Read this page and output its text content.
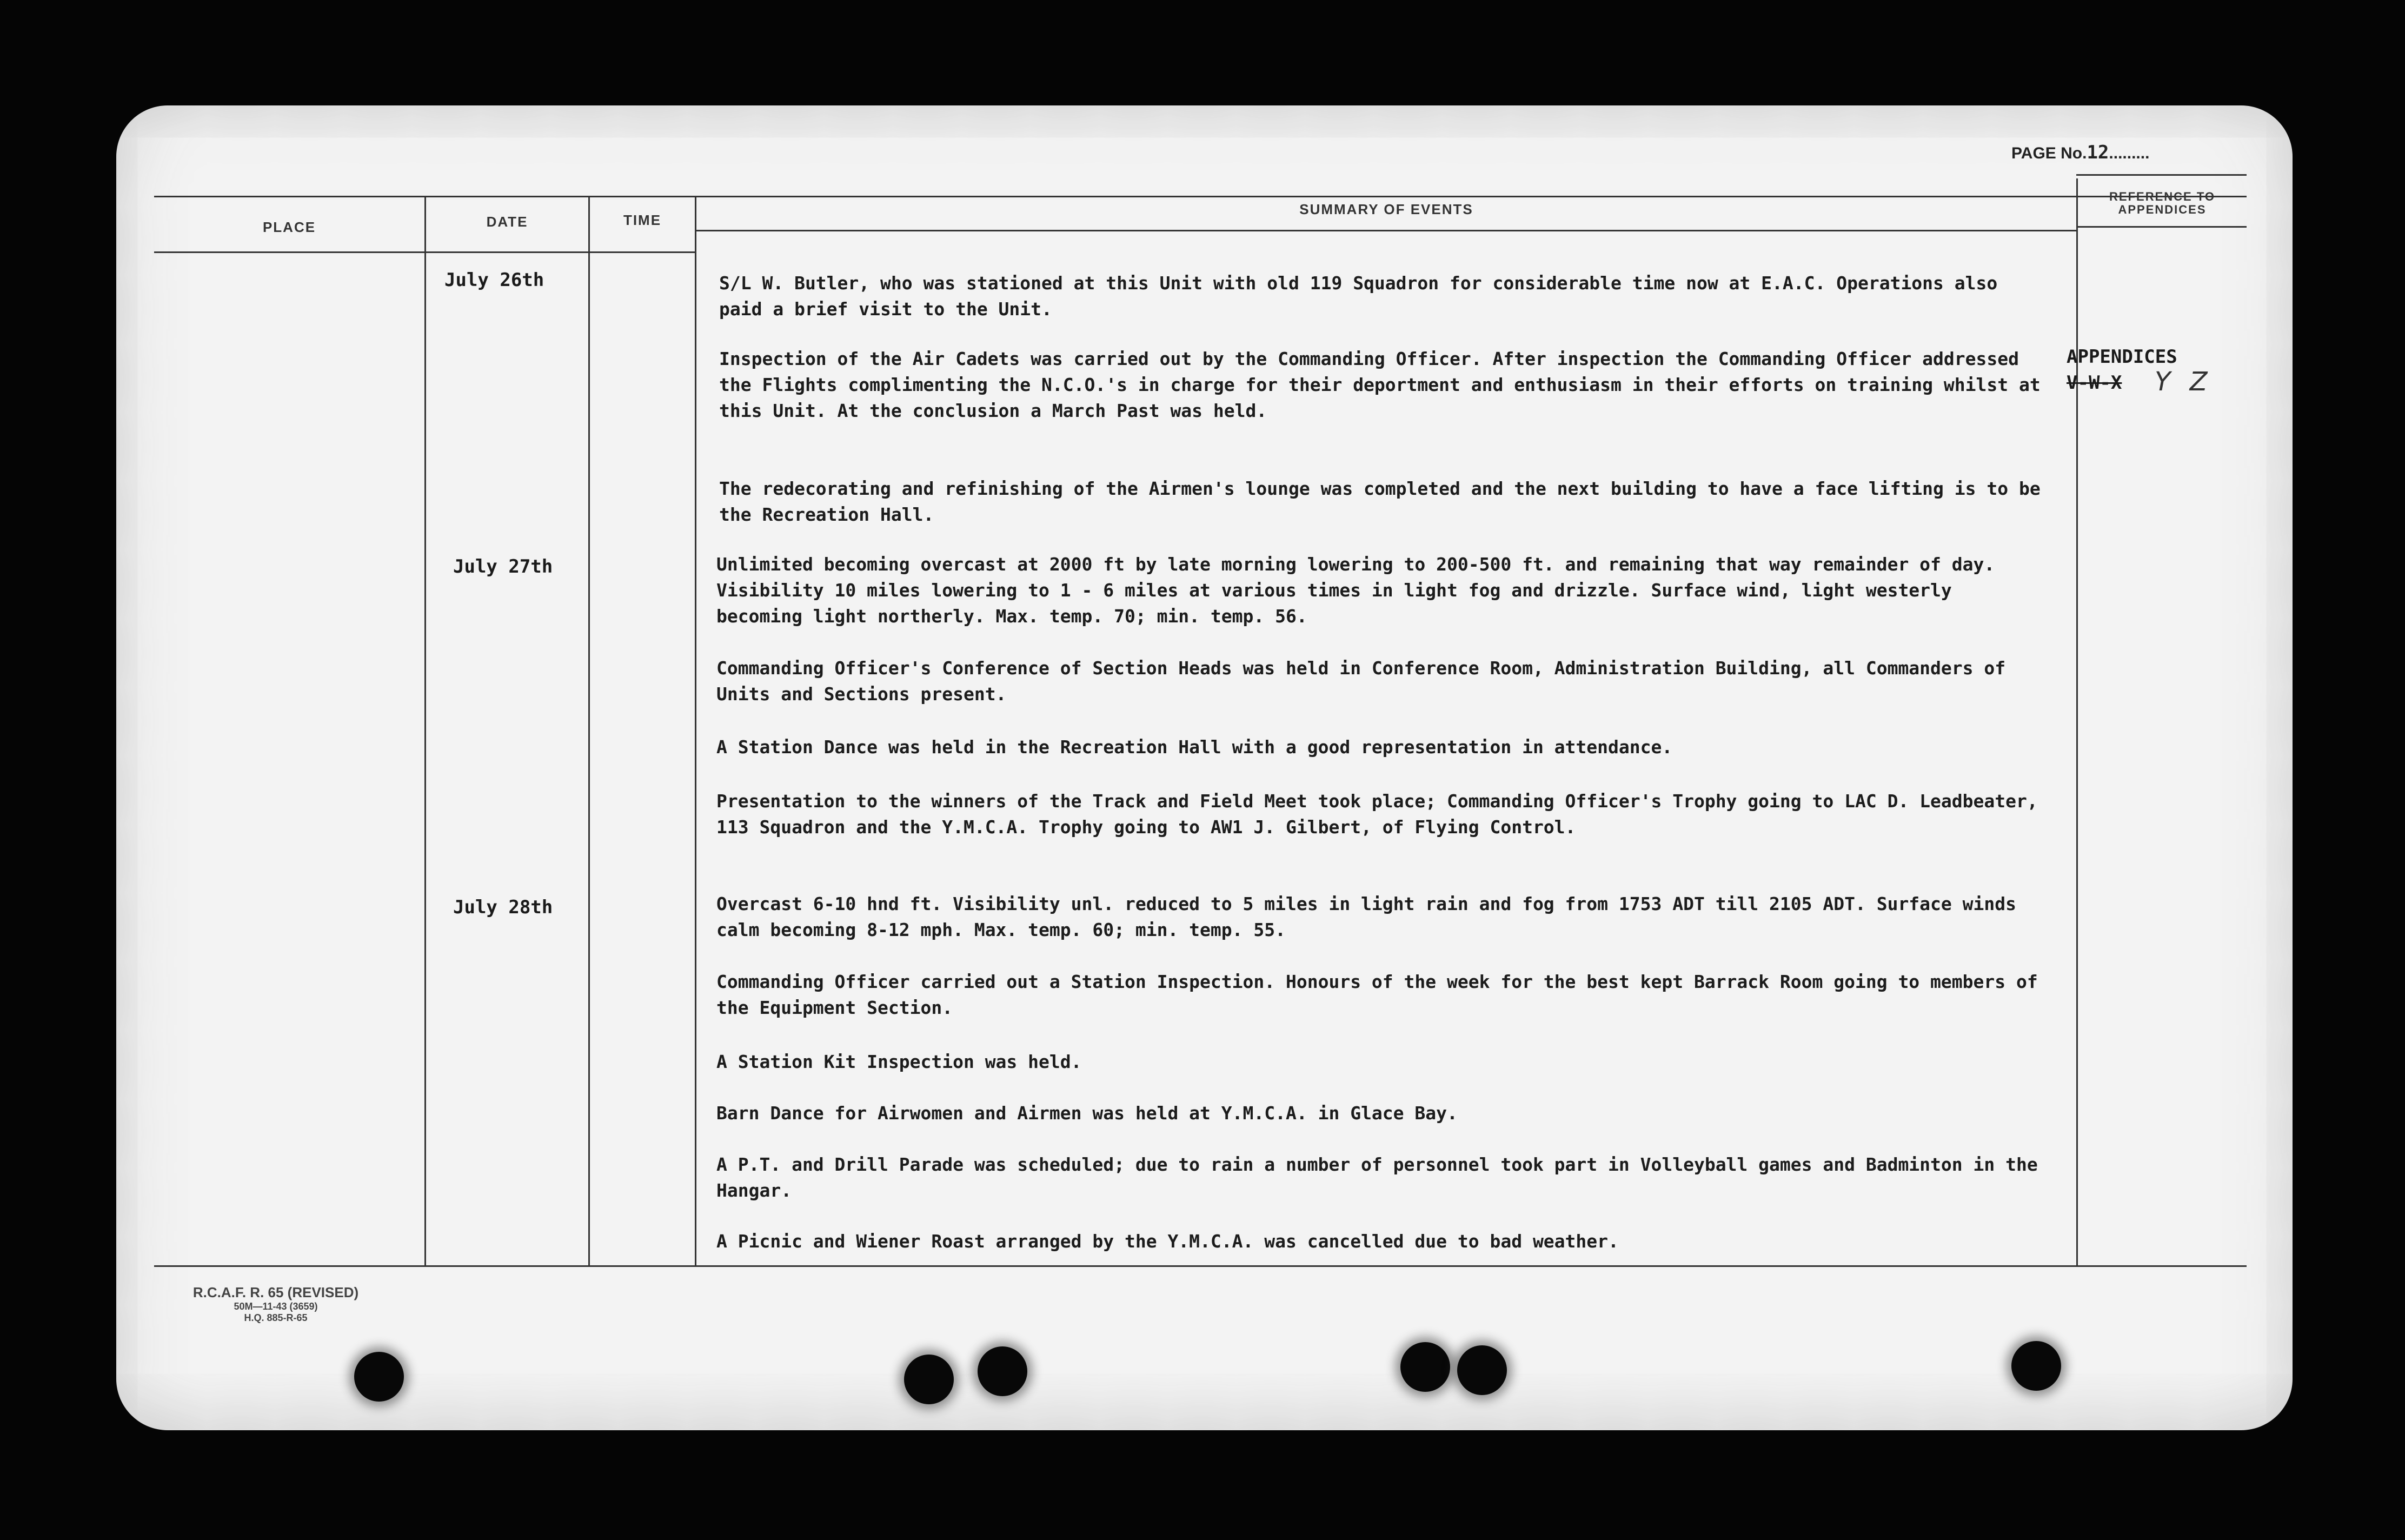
PAGE No.12.........
PLACE	DATE	TIME
SUMMARY OF EVENTS
REFERENCE TO
APPENDICES
July 26th
July 27th
July 28th
S/L W. Butler, who was stationed at this Unit with old 119 Squadron for considerable time now at E.A.C. Operations also paid a brief visit to the Unit.
Inspection of the Air Cadets was carried out by the Commanding Officer. After inspection the Commanding Officer addressed the Flights complimenting the N.C.O.'s in charge for their deportment and enthusiasm in their efforts on training whilst at this Unit. At the conclusion a March Past was held.
The redecorating and refinishing of the Airmen's lounge was completed and the next building to have a face lifting is to be the Recreation Hall.
Unlimited becoming overcast at 2000 ft by late morning lowering to 200-500 ft. and remaining that way remainder of day. Visibility 10 miles lowering to 1 - 6 miles at various times in light fog and drizzle. Surface wind, light westerly becoming light northerly. Max. temp. 70; min. temp. 56.
Commanding Officer's Conference of Section Heads was held in Conference Room, Administration Building, all Commanders of Units and Sections present.
A Station Dance was held in the Recreation Hall with a good representation in attendance.
Presentation to the winners of the Track and Field Meet took place; Commanding Officer's Trophy going to LAC D. Leadbeater, 113 Squadron and the Y.M.C.A. Trophy going to AW1 J. Gilbert, of Flying Control.
Overcast 6-10 hnd ft. Visibility unl. reduced to 5 miles in light rain and fog from 1753 ADT till 2105 ADT. Surface winds calm becoming 8-12 mph. Max. temp. 60; min. temp. 55.
Commanding Officer carried out a Station Inspection. Honours of the week for the best kept Barrack Room going to members of the Equipment Section.
A Station Kit Inspection was held.
Barn Dance for Airwomen and Airmen was held at Y.M.C.A. in Glace Bay.
A P.T. and Drill Parade was scheduled; due to rain a number of personnel took part in Volleyball games and Badminton in the Hangar.
A Picnic and Wiener Roast arranged by the Y.M.C.A. was cancelled due to bad weather.
APPENDICES
V-W-X Y Z
R.C.A.F. R. 65 (REVISED)
50M—11-43 (3659)
H.Q. 885-R-65
